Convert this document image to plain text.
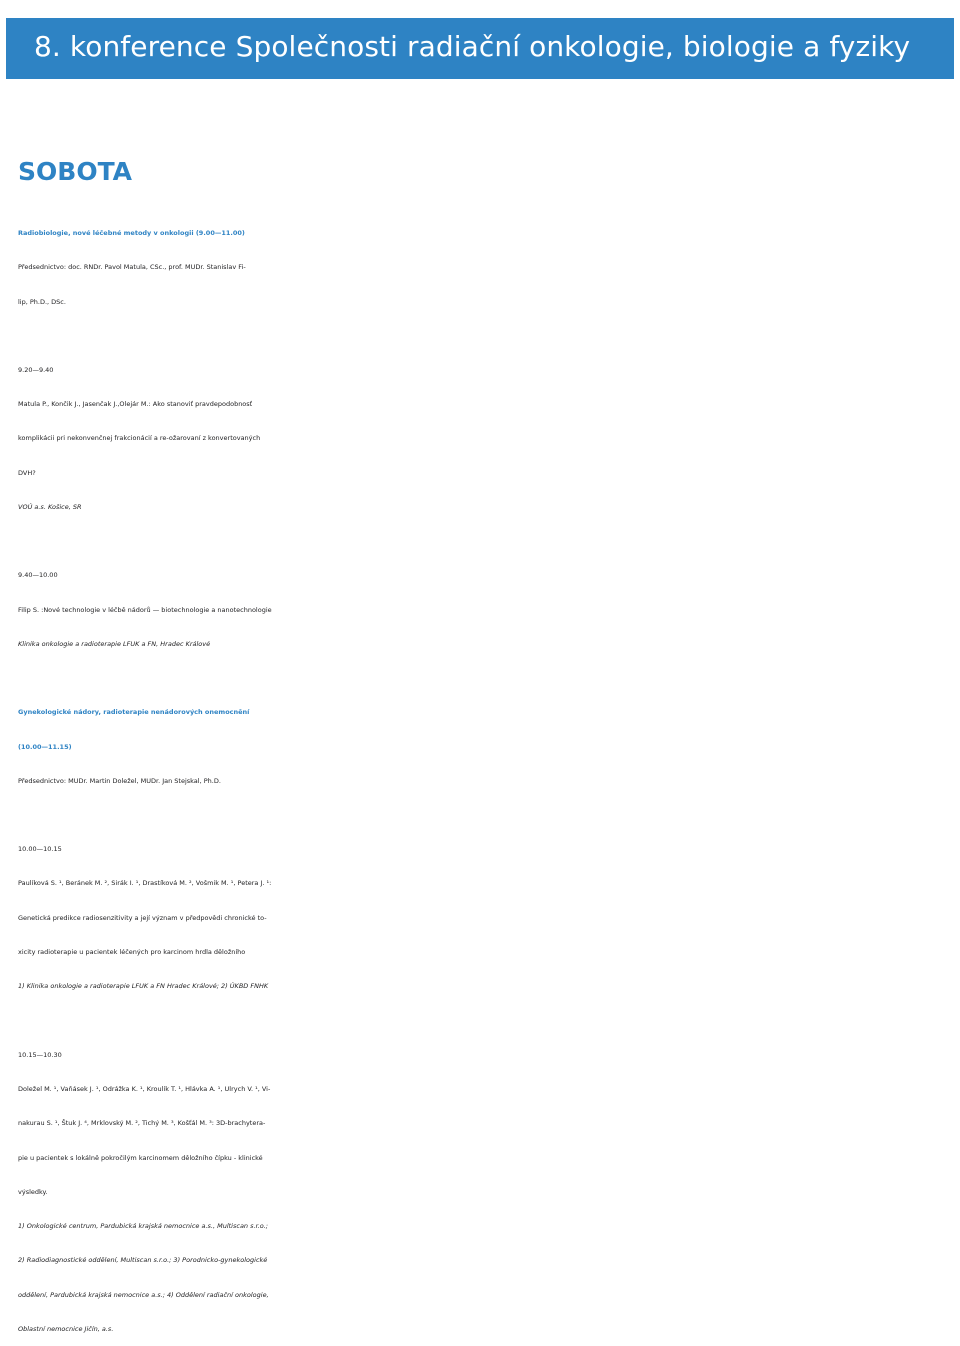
8. konference Společnosti radiační onkologie, biologie a fyziky
SOBOTA
Radiobiologie, nové léčebné metody v onkologii (9.00—11.00)
Předsednictvo: doc. RNDr. Pavol Matula, CSc., prof. MUDr. Stanislav Fi-
lip, Ph.D., DSc.
9.20—9.40
Matula P., Končik J., Jasenčak J.,Olejár M.: Ako stanoviť pravdepodobnosť
komplikácii pri nekonvenčnej frakcionácií a re-ožarovaní z konvertovaných
DVH?
VOÚ a.s. Košice, SR
9.40—10.00
Filip S. :Nové technologie v léčbě nádorů — biotechnologie a nanotechnologie
Klinika onkologie a radioterapie LFUK a FN, Hradec Králové
Gynekologické nádory, radioterapie nenádorových onemocnění
(10.00—11.15)
Předsednictvo: MUDr. Martin Doležel, MUDr. Jan Stejskal, Ph.D.
10.00—10.15
Paulíková S. ¹, Beránek M. ², Sirák I. ¹, Drastíková M. ², Vošmik M. ¹, Petera J. ¹:
Genetická predikce radiosenzitivity a její význam v předpovědi chronické to-
xicity radioterapie u pacientek léčených pro karcinom hrdla děložního
1) Klinika onkologie a radioterapie LFUK a FN Hradec Králové; 2) ÚKBD FNHK
10.15—10.30
Doležel M. ¹, Vaňásek J. ¹, Odrážka K. ¹, Kroulík T. ¹, Hlávka A. ¹, Ulrych V. ¹, Vi-
nakurau S. ¹, Štuk J. ⁴, Mrklovský M. ², Tichý M. ³, Košťál M. ³: 3D-brachytera-
pie u pacientek s lokálně pokročilým karcinomem děložního čípku - klinické
výsledky.
1) Onkologické centrum, Pardubická krajská nemocnice a.s., Multiscan s.r.o.;
2) Radiodiagnostické oddělení, Multiscan s.r.o.; 3) Porodnicko-gynekologické
oddělení, Pardubická krajská nemocnice a.s.; 4) Oddělení radiační onkologie,
Oblastní nemocnice Jičín, a.s.
